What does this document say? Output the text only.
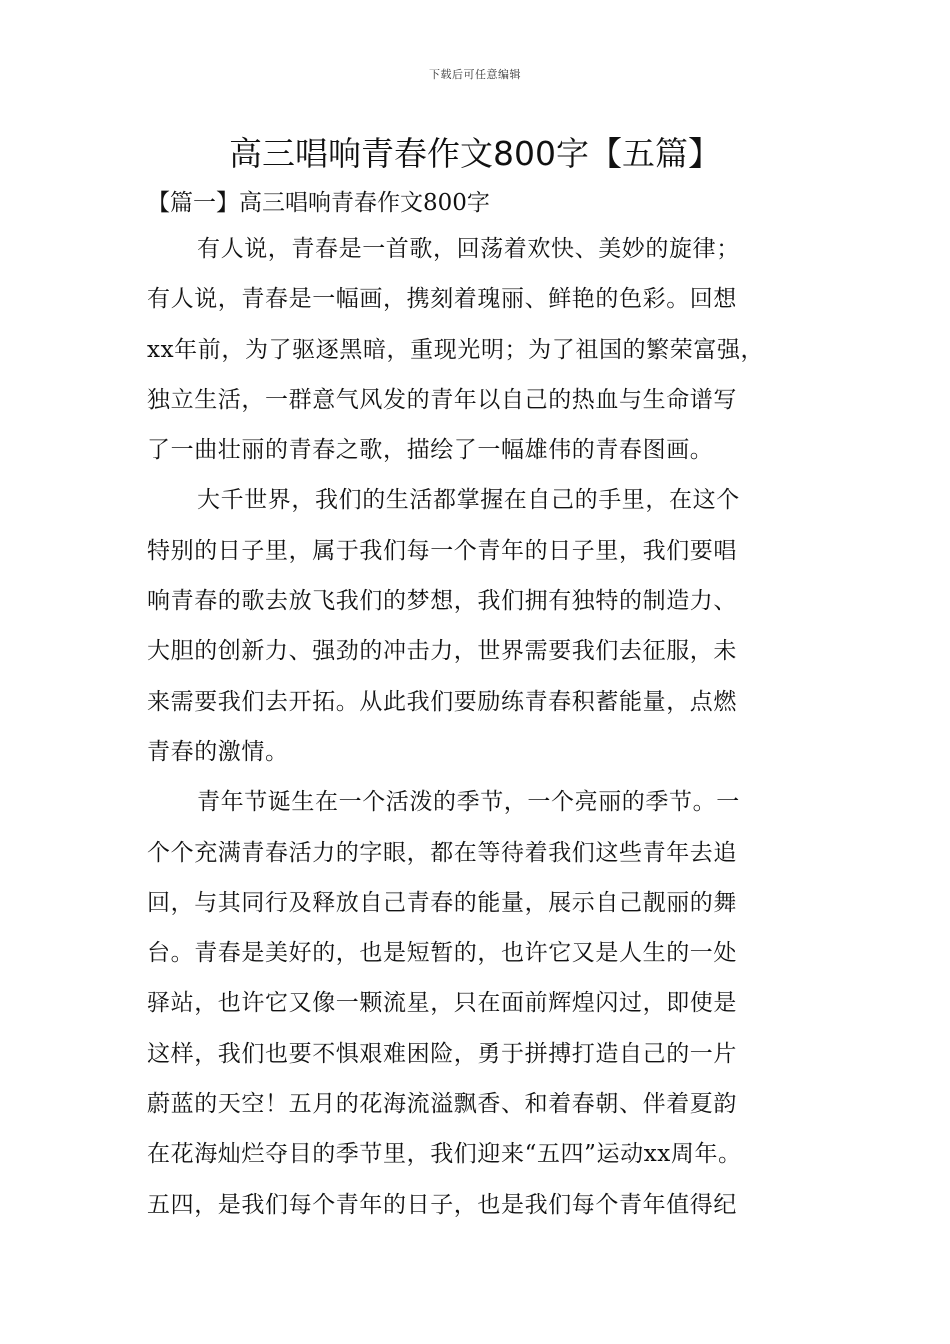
下载后可任意编辑
高三唱响青春作文800字【五篇】
【篇一】高三唱响青春作文800字
有人说，青春是一首歌，回荡着欢快、美妙的旋律；
有人说，青春是一幅画，携刻着瑰丽、鲜艳的色彩。回想
xx年前，为了驱逐黑暗，重现光明；为了祖国的繁荣富强，
独立生活，一群意气风发的青年以自己的热血与生命谱写
了一曲壮丽的青春之歌，描绘了一幅雄伟的青春图画。
大千世界，我们的生活都掌握在自己的手里，在这个
特别的日子里，属于我们每一个青年的日子里，我们要唱
响青春的歌去放飞我们的梦想，我们拥有独特的制造力、
大胆的创新力、强劲的冲击力，世界需要我们去征服，未
来需要我们去开拓。从此我们要励练青春积蓄能量，点燃
青春的激情。
青年节诞生在一个活泼的季节，一个亮丽的季节。一
个个充满青春活力的字眼，都在等待着我们这些青年去追
回，与其同行及释放自己青春的能量，展示自己靓丽的舞
台。青春是美好的，也是短暂的，也许它又是人生的一处
驿站，也许它又像一颗流星，只在面前辉煌闪过，即使是
这样，我们也要不惧艰难困险，勇于拼搏打造自己的一片
蔚蓝的天空！五月的花海流溢飘香、和着春朝、伴着夏韵
在花海灿烂夺目的季节里，我们迎来“五四”运动xx周年。
五四，是我们每个青年的日子，也是我们每个青年值得纪
